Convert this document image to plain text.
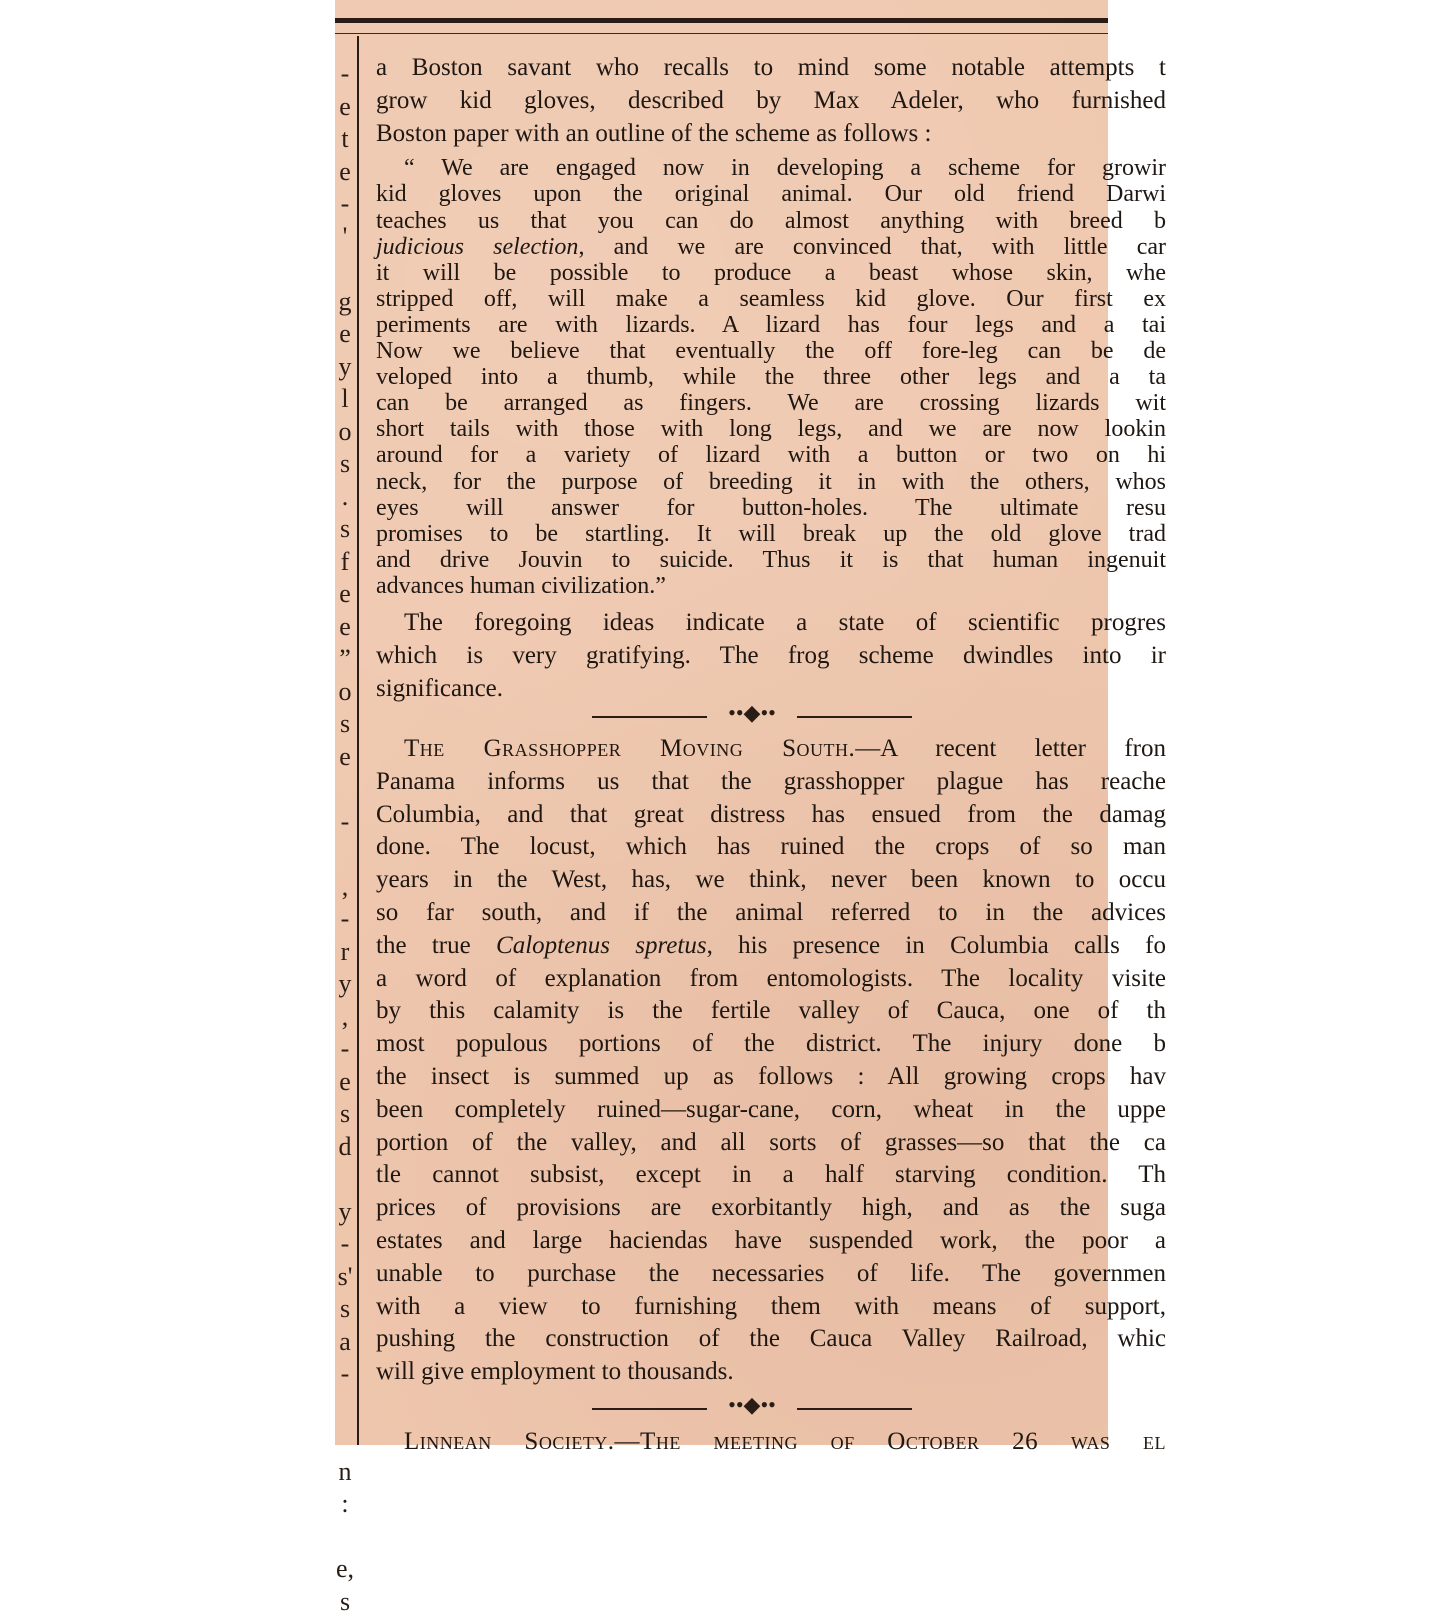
-
e
t
e
-
'
g
e
y
l
o
s
.
s
f
e
e
”
o
s
e
-
,
-
r
y
,
-
e
s
d
y
-
s'
s
a
-
n
:
e,
s
a Boston savant who recalls to mind some notable attempts t
grow kid gloves, described by Max Adeler, who furnished
Boston paper with an outline of the scheme as follows :
“ We are engaged now in developing a scheme for growir
kid gloves upon the original animal. Our old friend Darwi
teaches us that you can do almost anything with breed b
judicious selection, and we are convinced that, with little car
it will be possible to produce a beast whose skin, whe
stripped off, will make a seamless kid glove. Our first ex
periments are with lizards. A lizard has four legs and a tai
Now we believe that eventually the off fore-leg can be de
veloped into a thumb, while the three other legs and a ta
can be arranged as fingers. We are crossing lizards wit
short tails with those with long legs, and we are now lookin
around for a variety of lizard with a button or two on hi
neck, for the purpose of breeding it in with the others, whos
eyes will answer for button-holes. The ultimate resu
promises to be startling. It will break up the old glove trad
and drive Jouvin to suicide. Thus it is that human ingenuit
advances human civilization.”
The foregoing ideas indicate a state of scientific progres
which is very gratifying. The frog scheme dwindles into ir
significance.
••◆••
The Grasshopper Moving South.—A recent letter fron
Panama informs us that the grasshopper plague has reache
Columbia, and that great distress has ensued from the damag
done. The locust, which has ruined the crops of so man
years in the West, has, we think, never been known to occu
so far south, and if the animal referred to in the advices
the true Caloptenus spretus, his presence in Columbia calls fo
a word of explanation from entomologists. The locality visite
by this calamity is the fertile valley of Cauca, one of th
most populous portions of the district. The injury done b
the insect is summed up as follows : All growing crops hav
been completely ruined—sugar-cane, corn, wheat in the uppe
portion of the valley, and all sorts of grasses—so that the ca
tle cannot subsist, except in a half starving condition. Th
prices of provisions are exorbitantly high, and as the suga
estates and large haciendas have suspended work, the poor a
unable to purchase the necessaries of life. The governmen
with a view to furnishing them with means of support,
pushing the construction of the Cauca Valley Railroad, whic
will give employment to thousands.
••◆••
Linnean Society.—The meeting of October 26 was el
